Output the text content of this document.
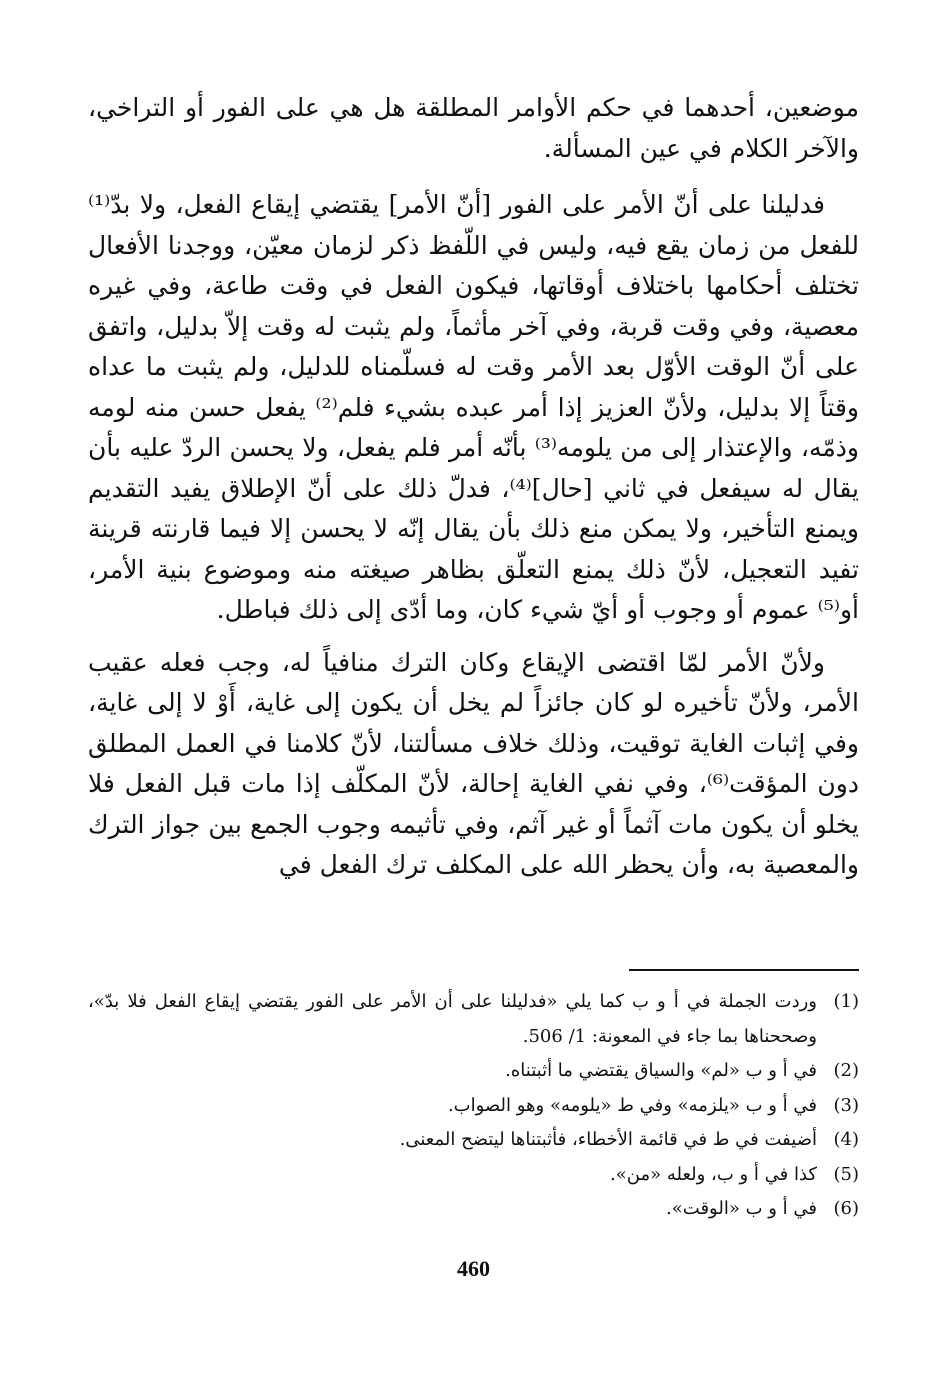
موضعين، أحدهما في حكم الأوامر المطلقة هل هي على الفور أو التراخي، والآخر الكلام في عين المسألة.

فدليلنا على أنّ الأمر على الفور [أنّ الأمر] يقتضي إيقاع الفعل، ولا بدّ⁽¹⁾ للفعل من زمان يقع فيه، وليس في اللّفظ ذكر لزمان معيّن، ووجدنا الأفعال تختلف أحكامها باختلاف أوقاتها، فيكون الفعل في وقت طاعة، وفي غيره معصية، وفي وقت قربة، وفي آخر مأثماً، ولم يثبت له وقت إلاّ بدليل، واتفق على أنّ الوقت الأوّل بعد الأمر وقت له فسلّمناه للدليل، ولم يثبت ما عداه وقتاً إلا بدليل، ولأنّ العزيز إذا أمر عبده بشيء فلم⁽²⁾ يفعل حسن منه لومه وذمّه، والإعتذار إلى من يلومه⁽³⁾ بأنّه أمر فلم يفعل، ولا يحسن الردّ عليه بأن يقال له سيفعل في ثاني [حال]⁽⁴⁾، فدلّ ذلك على أنّ الإطلاق يفيد التقديم ويمنع التأخير، ولا يمكن منع ذلك بأن يقال إنّه لا يحسن إلا فيما قارنته قرينة تفيد التعجيل، لأنّ ذلك يمنع التعلّق بظاهر صيغته منه وموضوع بنية الأمر، أو⁽⁵⁾ عموم أو وجوب أو أيّ شيء كان، وما أدّى إلى ذلك فباطل.

ولأنّ الأمر لمّا اقتضى الإيقاع وكان الترك منافياً له، وجب فعله عقيب الأمر، ولأنّ تأخيره لو كان جائزاً لم يخل أن يكون إلى غاية، أَوْ لا إلى غاية، وفي إثبات الغاية توقيت، وذلك خلاف مسألتنا، لأنّ كلامنا في العمل المطلق دون المؤقت⁽⁶⁾، وفي نفي الغاية إحالة، لأنّ المكلّف إذا مات قبل الفعل فلا يخلو أن يكون مات آثماً أو غير آثم، وفي تأثيمه وجوب الجمع بين جواز الترك والمعصية به، وأن يحظر الله على المكلف ترك الفعل في

(1)
وردت الجملة في أ و ب كما يلي «فدليلنا على أن الأمر على الفور يقتضي إيقاع الفعل فلا بدّ»، وصححناها بما جاء في المعونة: 1/ 506.
(2)
في أ و ب «لم» والسياق يقتضي ما أثبتناه.
(3)
في أ و ب «يلزمه» وفي ط «يلومه» وهو الصواب.
(4)
أضيفت في ط في قائمة الأخطاء، فأثبتناها ليتضح المعنى.
(5)
كذا في أ و ب، ولعله «من».
(6)
في أ و ب «الوقت».
460
